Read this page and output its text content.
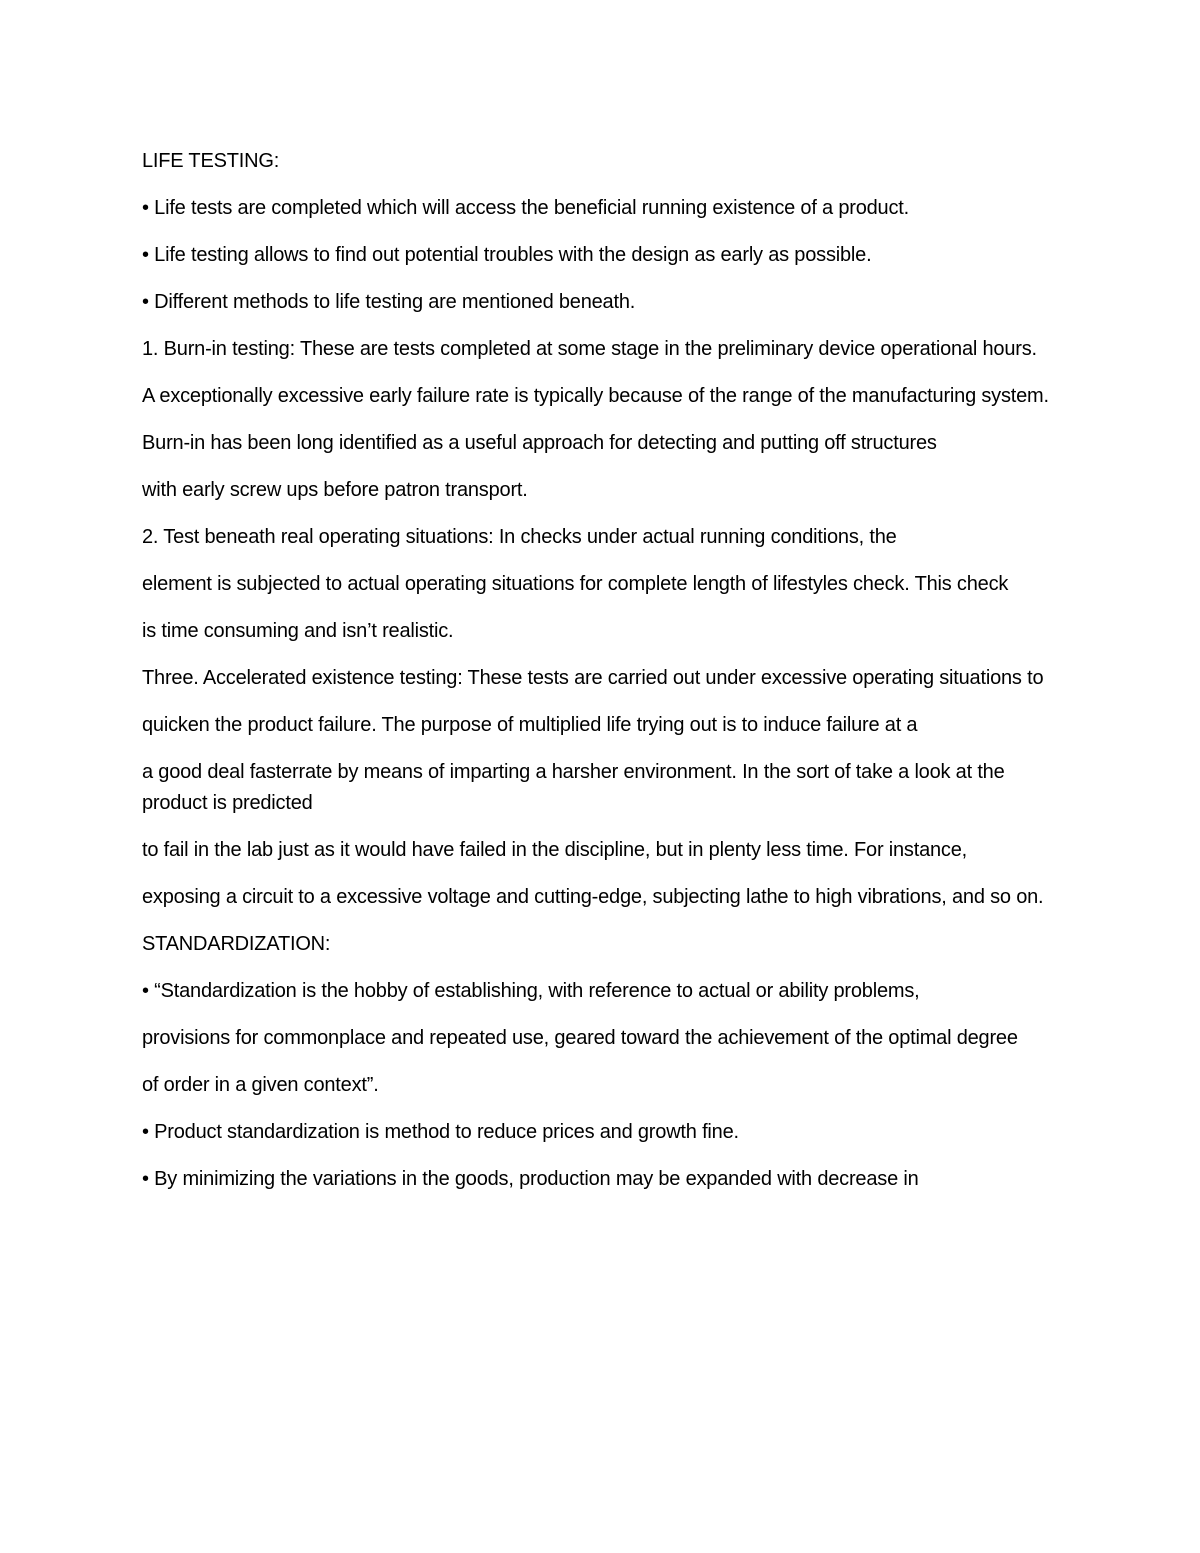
LIFE TESTING:

• Life tests are completed which will access the beneficial running existence of a product.

• Life testing allows to find out potential troubles with the design as early as possible.

• Different methods to life testing are mentioned beneath.

1. Burn-in testing: These are tests completed at some stage in the preliminary device operational hours.

A exceptionally excessive early failure rate is typically because of the range of the manufacturing system.

Burn-in has been long identified as a useful approach for detecting and putting off structures

with early screw ups before patron transport.

2. Test beneath real operating situations: In checks under actual running conditions, the

element is subjected to actual operating situations for complete length of lifestyles check. This check

is time consuming and isn’t realistic.

Three. Accelerated existence testing: These tests are carried out under excessive operating situations to

quicken the product failure. The purpose of multiplied life trying out is to induce failure at a

a good deal fasterrate by means of imparting a harsher environment. In the sort of take a look at the product is predicted

to fail in the lab just as it would have failed in the discipline, but in plenty less time. For instance,

exposing a circuit to a excessive voltage and cutting-edge, subjecting lathe to high vibrations, and so on.

STANDARDIZATION:

• “Standardization is the hobby of establishing, with reference to actual or ability problems,

provisions for commonplace and repeated use, geared toward the achievement of the optimal degree

of order in a given context”.

• Product standardization is method to reduce prices and growth fine.

• By minimizing the variations in the goods, production may be expanded with decrease in
